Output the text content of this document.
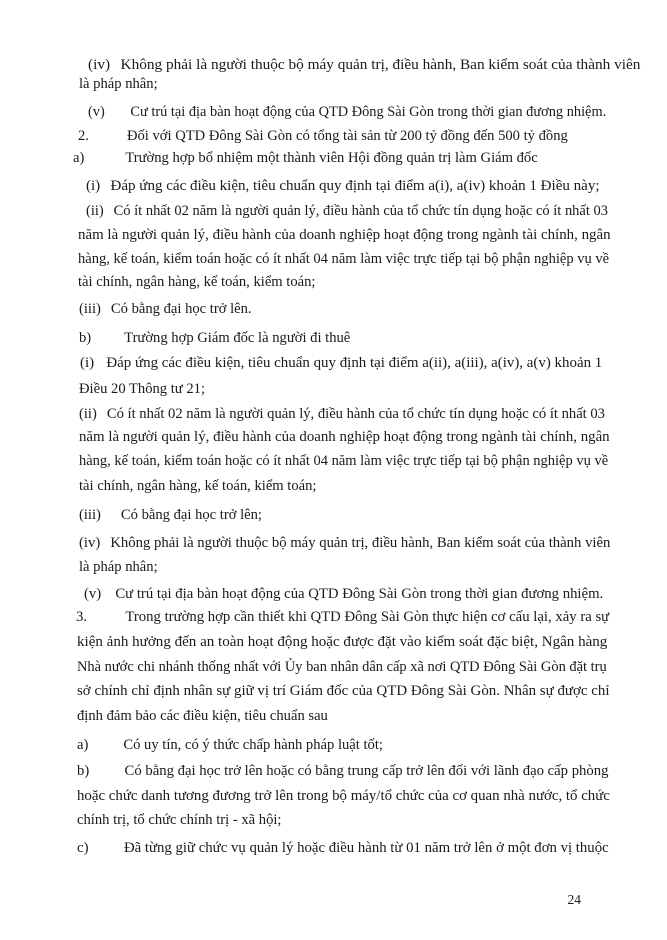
(iv) Không phải là người thuộc bộ máy quản trị, điều hành, Ban kiểm soát của thành viên
là pháp nhân;
(v) Cư trú tại địa bàn hoạt động của QTD Đông Sài Gòn trong thời gian đương nhiệm.
2.	Đối với QTD Đông Sài Gòn có tổng tài sản từ 200 tỷ đồng đến 500 tỷ đồng
a)	Trường hợp bổ nhiệm một thành viên Hội đồng quản trị làm Giám đốc
(i) Đáp ứng các điều kiện, tiêu chuẩn quy định tại điểm a(i), a(iv) khoản 1 Điều này;
(ii) Có ít nhất 02 năm là người quản lý, điều hành của tổ chức tín dụng hoặc có ít nhất 03
năm là người quản lý, điều hành của doanh nghiệp hoạt động trong ngành tài chính, ngân
hàng, kế toán, kiểm toán hoặc có ít nhất 04 năm làm việc trực tiếp tại bộ phận nghiệp vụ về
tài chính, ngân hàng, kế toán, kiểm toán;
(iii) Có bằng đại học trở lên.
b) Trường hợp Giám đốc là người đi thuê
(i) Đáp ứng các điều kiện, tiêu chuẩn quy định tại điểm a(ii), a(iii), a(iv), a(v) khoản 1
Điều 20 Thông tư 21;
(ii) Có ít nhất 02 năm là người quản lý, điều hành của tổ chức tín dụng hoặc có ít nhất 03
năm là người quản lý, điều hành của doanh nghiệp hoạt động trong ngành tài chính, ngân
hàng, kế toán, kiểm toán hoặc có ít nhất 04 năm làm việc trực tiếp tại bộ phận nghiệp vụ về
tài chính, ngân hàng, kế toán, kiểm toán;
(iii) Có bằng đại học trở lên;
(iv) Không phải là người thuộc bộ máy quản trị, điều hành, Ban kiểm soát của thành viên
là pháp nhân;
(v) Cư trú tại địa bàn hoạt động của QTD Đông Sài Gòn trong thời gian đương nhiệm.
3.	Trong trường hợp cần thiết khi QTD Đông Sài Gòn thực hiện cơ cấu lại, xảy ra sự
kiện ảnh hưởng đến an toàn hoạt động hoặc được đặt vào kiểm soát đặc biệt, Ngân hàng
Nhà nước chi nhánh thống nhất với Ủy ban nhân dân cấp xã nơi QTD Đông Sài Gòn đặt trụ
sở chính chỉ định nhân sự giữ vị trí Giám đốc của QTD Đông Sài Gòn. Nhân sự được chỉ
định đảm bảo các điều kiện, tiêu chuẩn sau
a) Có uy tín, có ý thức chấp hành pháp luật tốt;
b) Có bằng đại học trở lên hoặc có bằng trung cấp trở lên đối với lãnh đạo cấp phòng
hoặc chức danh tương đương trở lên trong bộ máy/tổ chức của cơ quan nhà nước, tổ chức
chính trị, tổ chức chính trị - xã hội;
c) Đã từng giữ chức vụ quản lý hoặc điều hành từ 01 năm trở lên ở một đơn vị thuộc
24
